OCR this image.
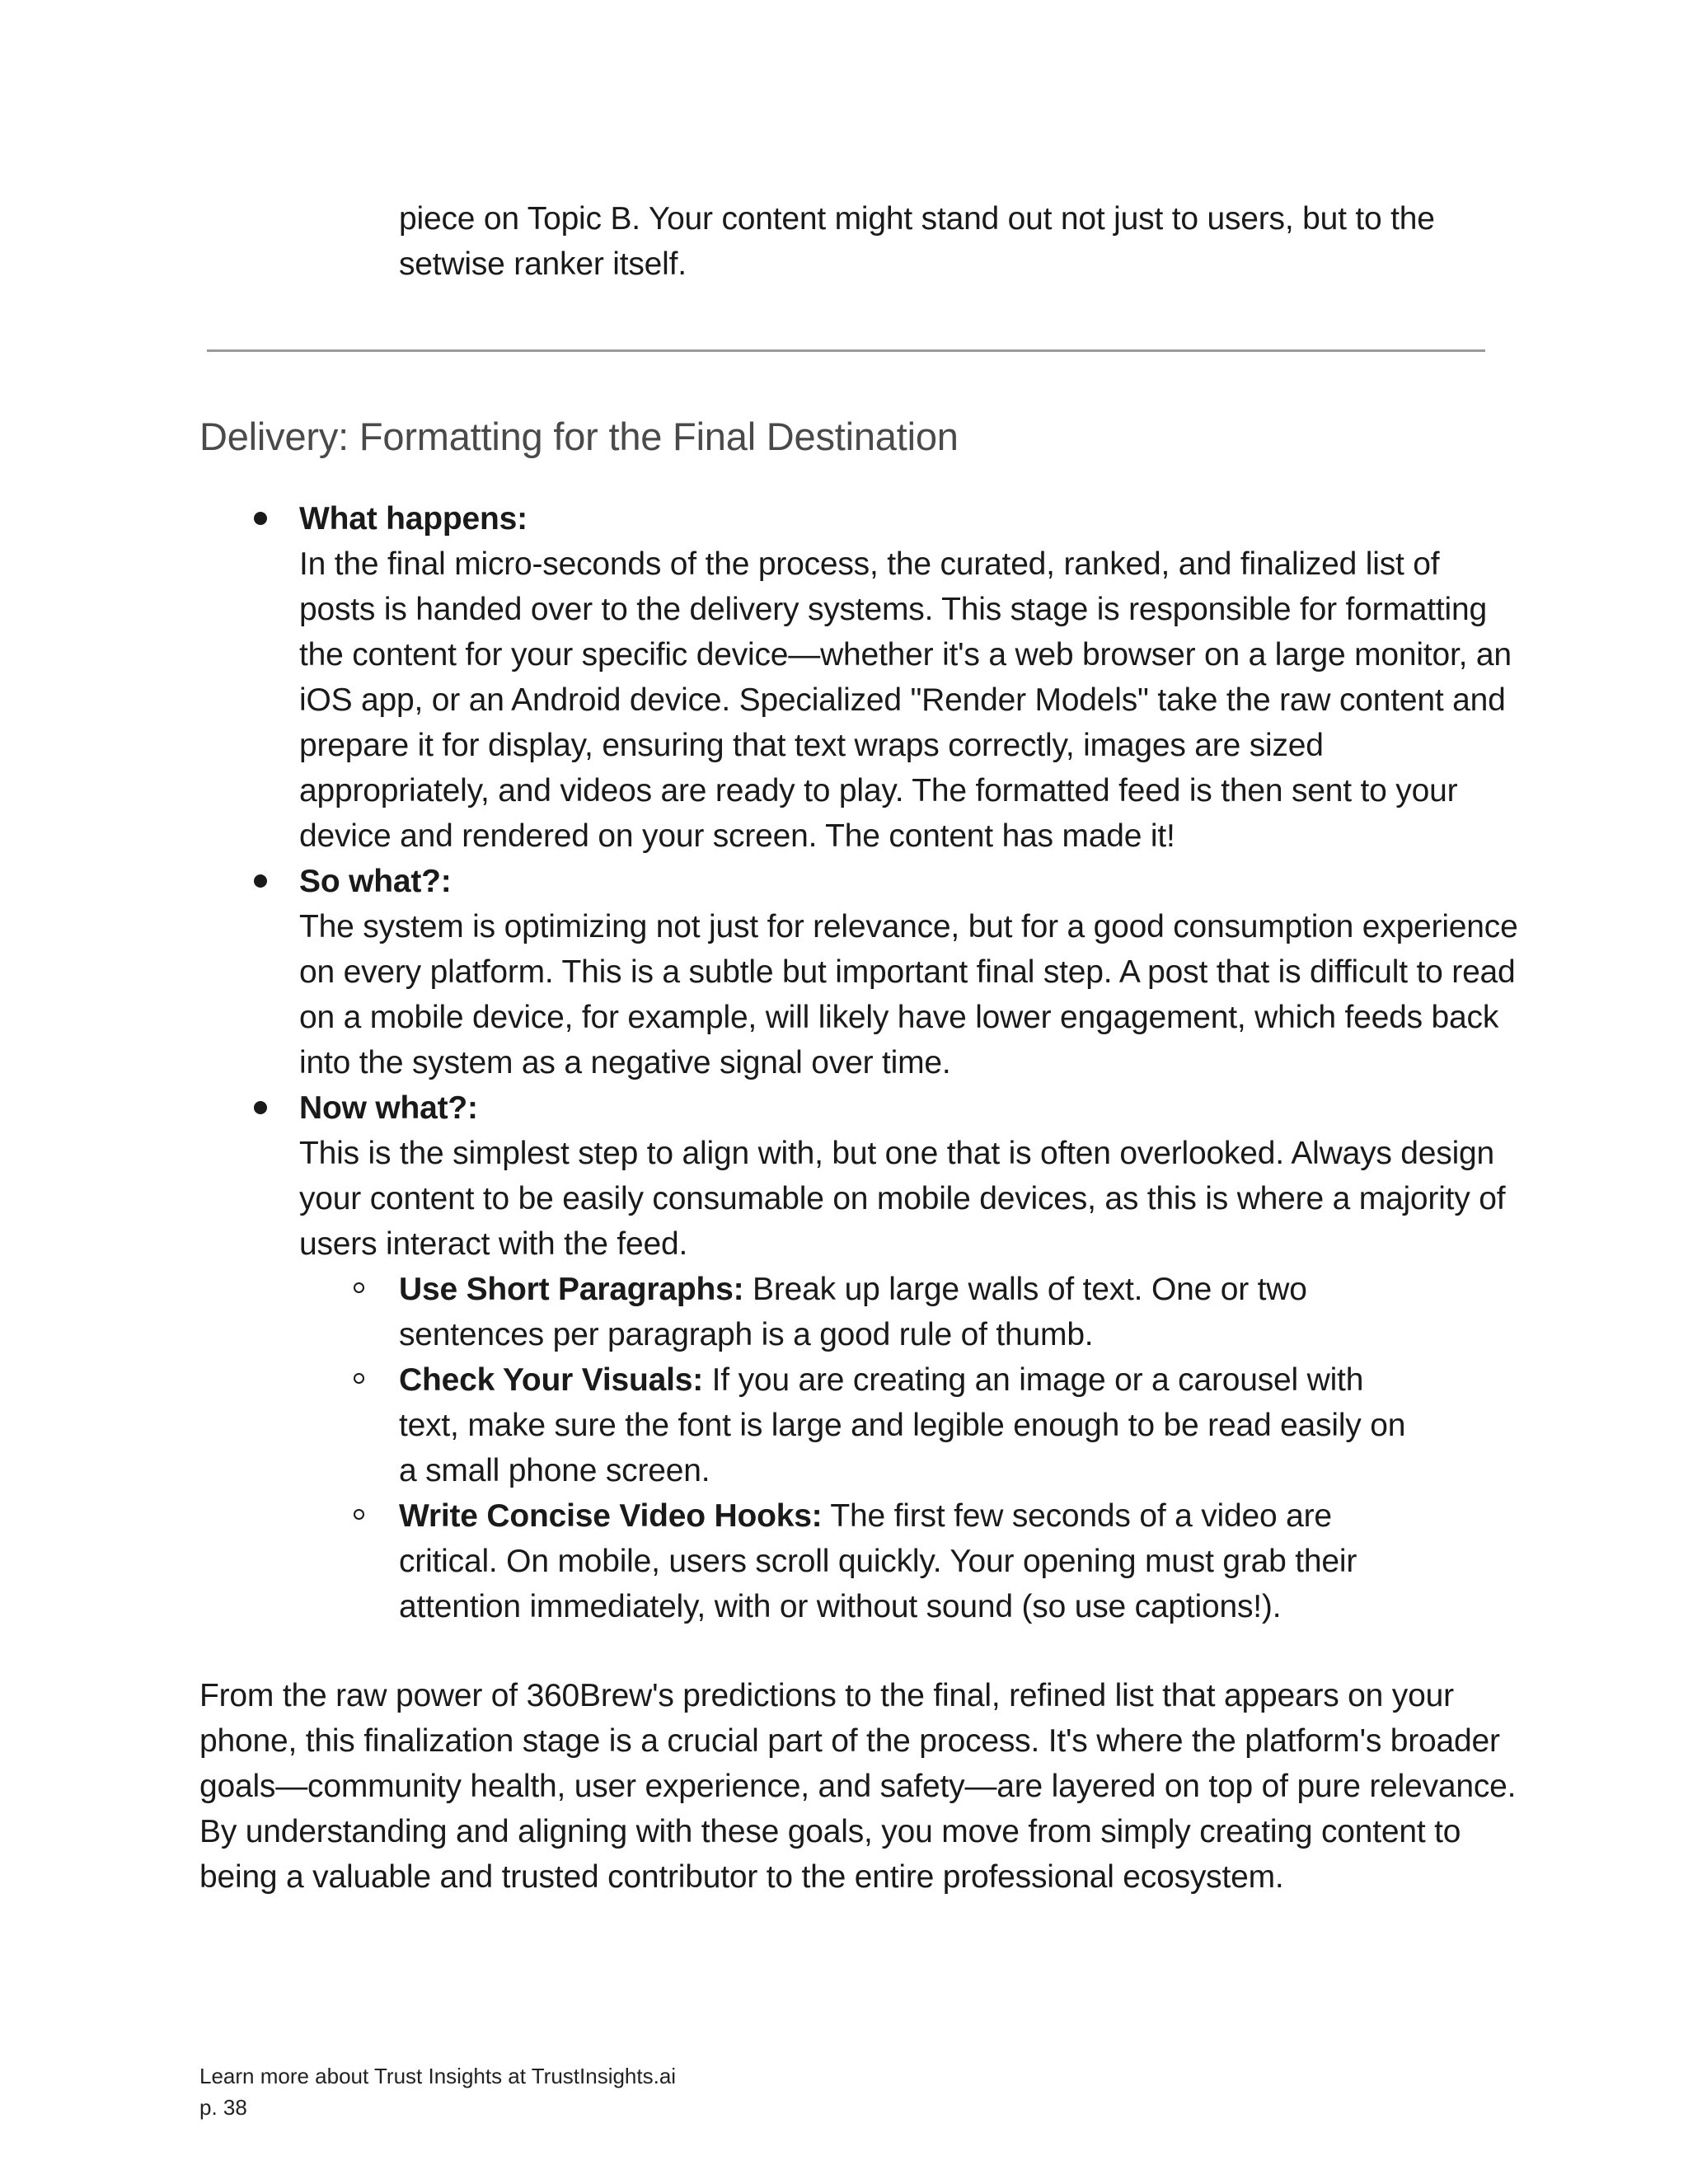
piece on Topic B. Your content might stand out not just to users, but to the setwise ranker itself.

Delivery: Formatting for the Final Destination
What happens:
In the final micro-seconds of the process, the curated, ranked, and finalized list of posts is handed over to the delivery systems. This stage is responsible for formatting the content for your specific device—whether it's a web browser on a large monitor, an iOS app, or an Android device. Specialized "Render Models" take the raw content and prepare it for display, ensuring that text wraps correctly, images are sized appropriately, and videos are ready to play. The formatted feed is then sent to your device and rendered on your screen. The content has made it!
So what?:
The system is optimizing not just for relevance, but for a good consumption experience on every platform. This is a subtle but important final step. A post that is difficult to read on a mobile device, for example, will likely have lower engagement, which feeds back into the system as a negative signal over time.
Now what?:
This is the simplest step to align with, but one that is often overlooked. Always design your content to be easily consumable on mobile devices, as this is where a majority of users interact with the feed.
Use Short Paragraphs: Break up large walls of text. One or two sentences per paragraph is a good rule of thumb.
Check Your Visuals: If you are creating an image or a carousel with text, make sure the font is large and legible enough to be read easily on a small phone screen.
Write Concise Video Hooks: The first few seconds of a video are critical. On mobile, users scroll quickly. Your opening must grab their attention immediately, with or without sound (so use captions!).

From the raw power of 360Brew's predictions to the final, refined list that appears on your phone, this finalization stage is a crucial part of the process. It's where the platform's broader goals—community health, user experience, and safety—are layered on top of pure relevance. By understanding and aligning with these goals, you move from simply creating content to being a valuable and trusted contributor to the entire professional ecosystem.

Learn more about Trust Insights at TrustInsights.ai
p. 38
